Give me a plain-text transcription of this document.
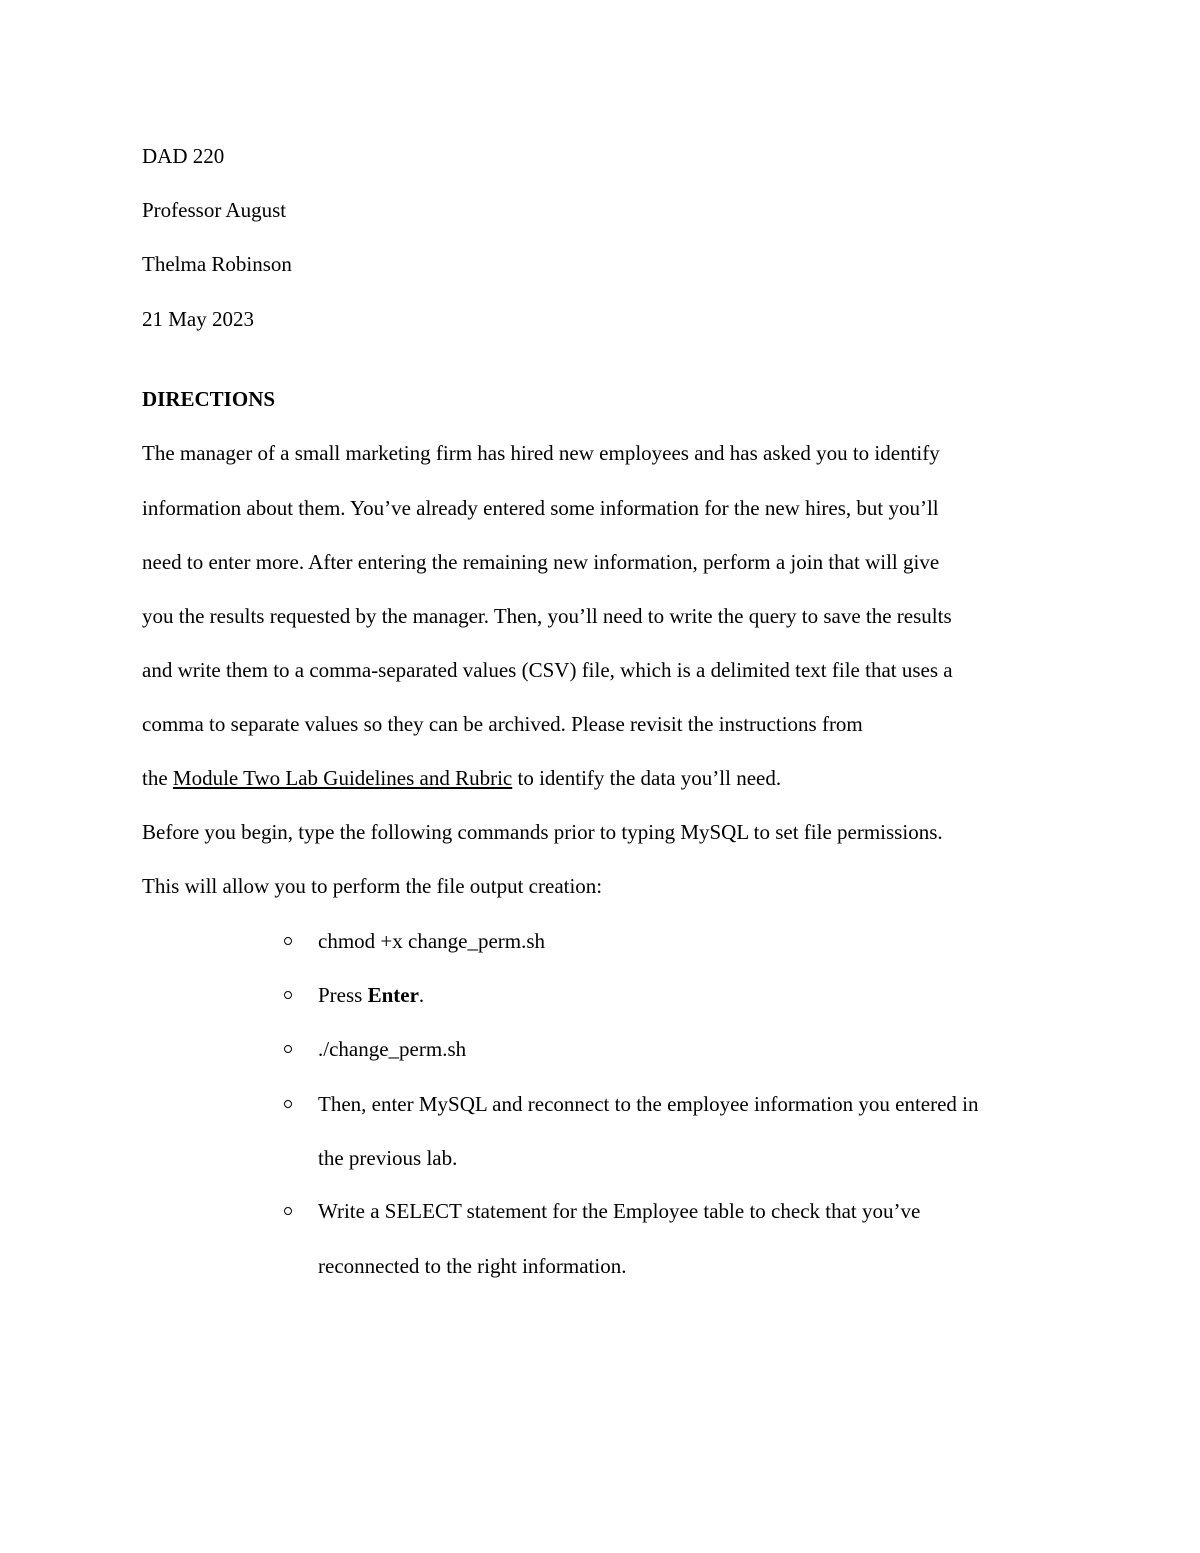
DAD 220
Professor August
Thelma Robinson
21 May 2023
DIRECTIONS
The manager of a small marketing firm has hired new employees and has asked you to identify
information about them. You’ve already entered some information for the new hires, but you’ll
need to enter more. After entering the remaining new information, perform a join that will give
you the results requested by the manager. Then, you’ll need to write the query to save the results
and write them to a comma-separated values (CSV) file, which is a delimited text file that uses a
comma to separate values so they can be archived. Please revisit the instructions from
the Module Two Lab Guidelines and Rubric to identify the data you’ll need.
Before you begin, type the following commands prior to typing MySQL to set file permissions.
This will allow you to perform the file output creation:
chmod +x change_perm.sh
Press Enter.
./change_perm.sh
Then, enter MySQL and reconnect to the employee information you entered in
the previous lab.
Write a SELECT statement for the Employee table to check that you’ve
reconnected to the right information.
